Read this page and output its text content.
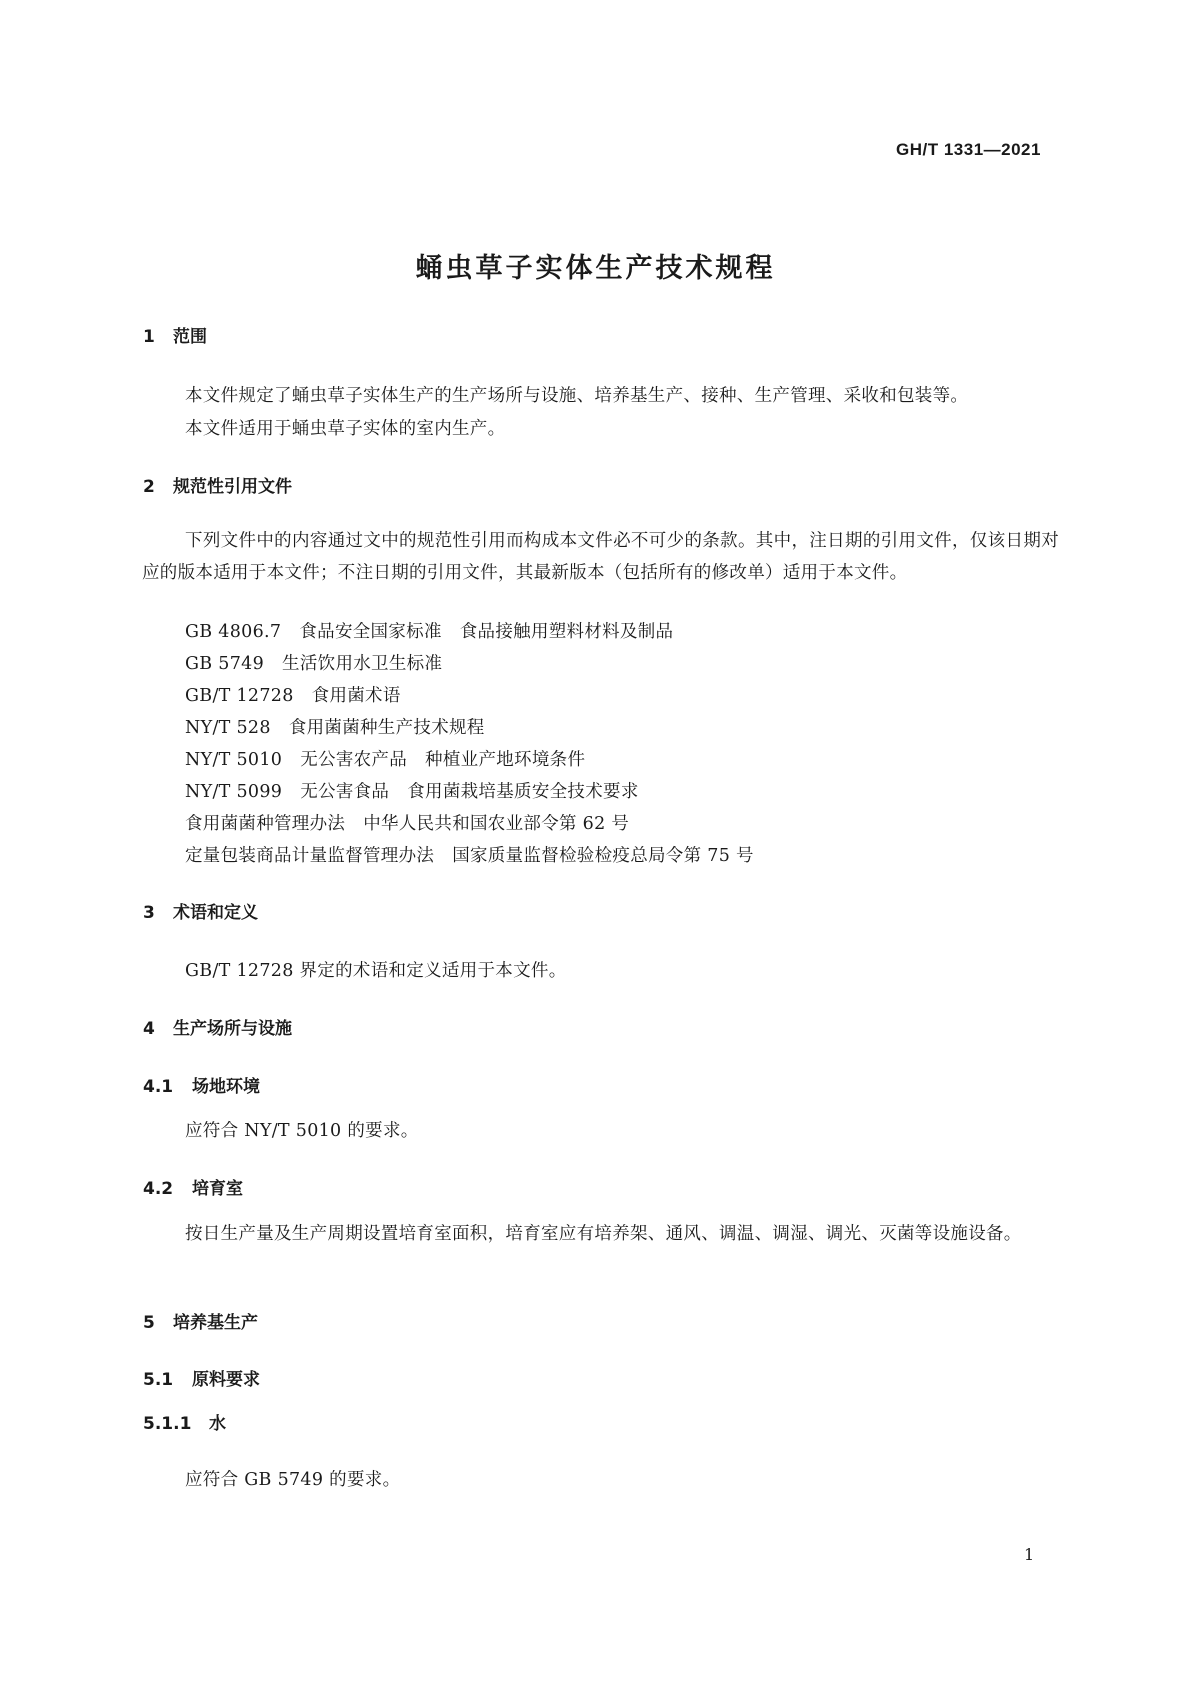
GH/T 1331—2021
蛹虫草子实体生产技术规程
1 范围
本文件规定了蛹虫草子实体生产的生产场所与设施、培养基生产、接种、生产管理、采收和包装等。
本文件适用于蛹虫草子实体的室内生产。
2 规范性引用文件
下列文件中的内容通过文中的规范性引用而构成本文件必不可少的条款。其中，注日期的引用文件，仅该日期对应的版本适用于本文件；不注日期的引用文件，其最新版本（包括所有的修改单）适用于本文件。
GB 4806.7 食品安全国家标准 食品接触用塑料材料及制品
GB 5749 生活饮用水卫生标准
GB/T 12728 食用菌术语
NY/T 528 食用菌菌种生产技术规程
NY/T 5010 无公害农产品 种植业产地环境条件
NY/T 5099 无公害食品 食用菌栽培基质安全技术要求
食用菌菌种管理办法 中华人民共和国农业部令第 62 号
定量包装商品计量监督管理办法 国家质量监督检验检疫总局令第 75 号
3 术语和定义
GB/T 12728 界定的术语和定义适用于本文件。
4 生产场所与设施
4.1 场地环境
应符合 NY/T 5010 的要求。
4.2 培育室
按日生产量及生产周期设置培育室面积，培育室应有培养架、通风、调温、调湿、调光、灭菌等设施设备。
5 培养基生产
5.1 原料要求
5.1.1 水
应符合 GB 5749 的要求。
1
